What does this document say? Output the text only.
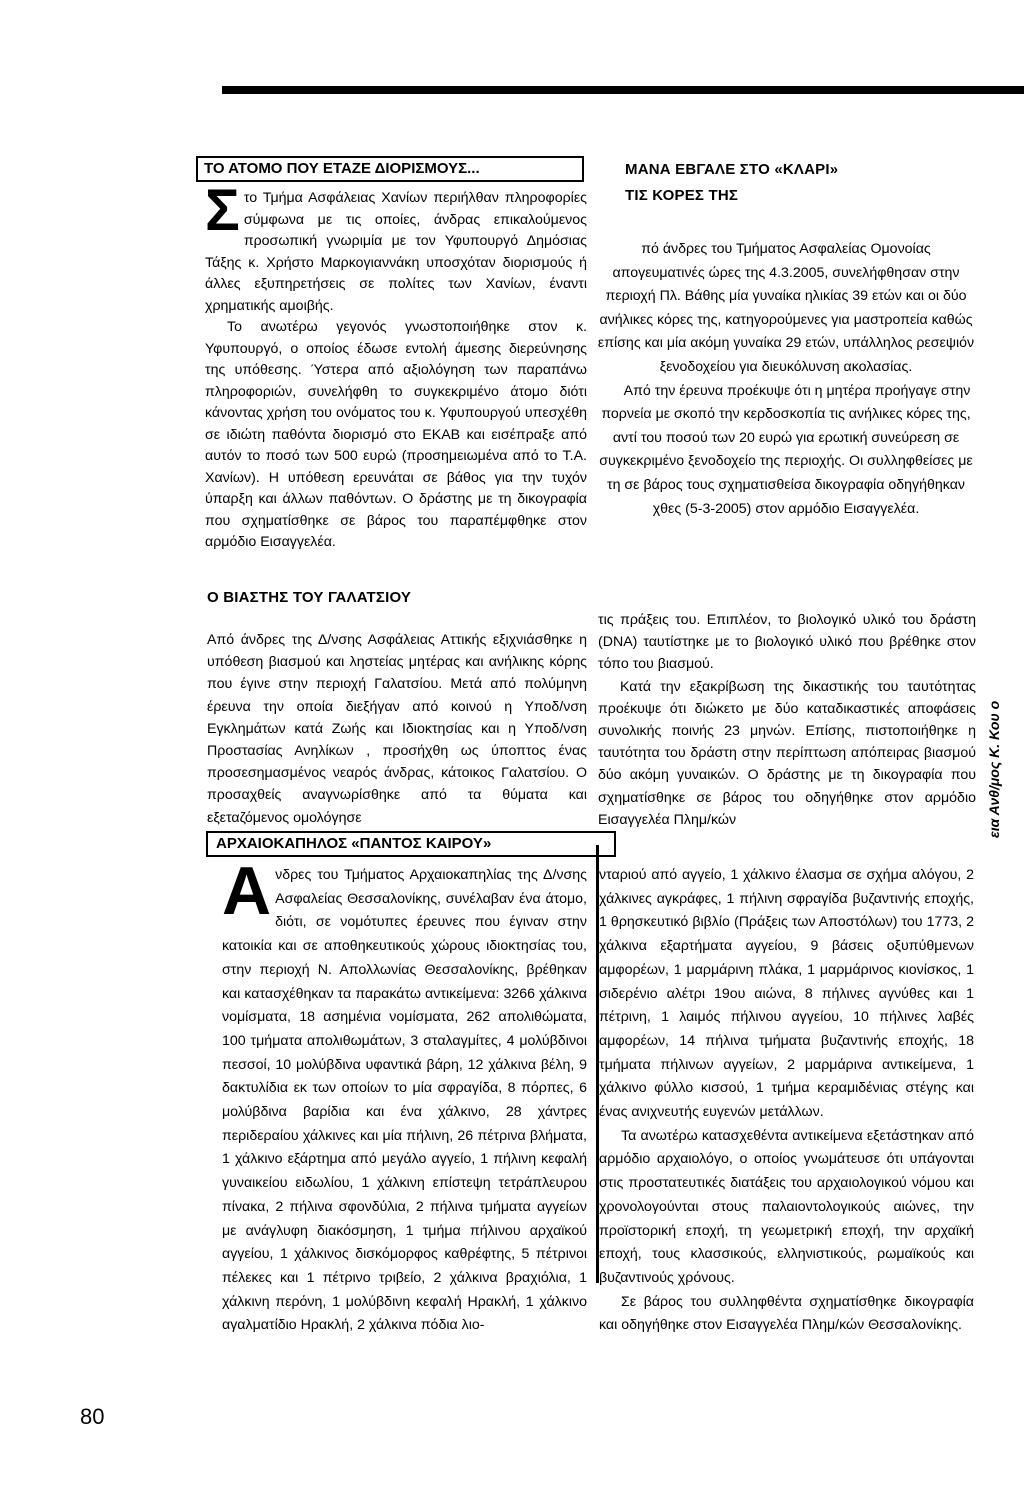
ΤΟ ΑΤΟΜΟ ΠΟΥ ΕΤΑΖΕ ΔΙΟΡΙΣΜΟΥΣ...

Στο Τμήμα Ασφάλειας Χανίων περιήλθαν πληροφορίες σύμφωνα με τις οποίες, άνδρας επικαλούμενος προσωπική γνωριμία με τον Υφυπουργό Δημόσιας Τάξης κ. Χρήστο Μαρκογιαννάκη υποσχόταν διορισμούς ή άλλες εξυπηρετήσεις σε πολίτες των Χανίων, έναντι χρηματικής αμοιβής.

Το ανωτέρω γεγονός γνωστοποιήθηκε στον κ. Υφυπουργό, ο οποίος έδωσε εντολή άμεσης διερεύνησης της υπόθεσης. Ύστερα από αξιολόγηση των παραπάνω πληροφοριών, συνελήφθη το συγκεκριμένο άτομο διότι κάνοντας χρήση του ονόματος του κ. Υφυπουργού υπεσχέθη σε ιδιώτη παθόντα διορισμό στο ΕΚΑΒ και εισέπραξε από αυτόν το ποσό των 500 ευρώ (προσημειωμένα από το Τ.Α. Χανίων). Η υπόθεση ερευνάται σε βάθος για την τυχόν ύπαρξη και άλλων παθόντων. Ο δράστης με τη δικογραφία που σχηματίσθηκε σε βάρος του παραπέμφθηκε στον αρμόδιο Εισαγγελέα.

ΜΑΝΑ ΕΒΓΑΛΕ ΣΤΟ «ΚΛΑΡΙ»
ΤΙΣ ΚΟΡΕΣ ΤΗΣ

πό άνδρες του Τμήματος Ασφαλείας Ομονοίας απογευματινές ώρες της 4.3.2005, συνελήφθησαν στην περιοχή Πλ. Βάθης μία γυναίκα ηλικίας 39 ετών και οι δύο ανήλικες κόρες της, κατηγορούμενες για μαστροπεία καθώς επίσης και μία ακόμη γυναίκα 29 ετών, υπάλληλος ρεσεψιόν ξενοδοχείου για διευκόλυνση ακολασίας.

Από την έρευνα προέκυψε ότι η μητέρα προήγαγε στην πορνεία με σκοπό την κερδοσκοπία τις ανήλικες κόρες της, αντί του ποσού των 20 ευρώ για ερωτική συνεύρεση σε συγκεκριμένο ξενοδοχείο της περιοχής. Οι συλληφθείσες με τη σε βάρος τους σχηματισθείσα δικογραφία οδηγήθηκαν χθες (5-3-2005) στον αρμόδιο Εισαγγελέα.

Ο ΒΙΑΣΤΗΣ ΤΟΥ ΓΑΛΑΤΣΙΟΥ

Από άνδρες της Δ/νσης Ασφάλειας Αττικής εξιχνιάσθηκε η υπόθεση βιασμού και ληστείας μητέρας και ανήλικης κόρης που έγινε στην περιοχή Γαλατσίου. Μετά από πολύμηνη έρευνα την οποία διεξήγαν από κοινού η Υποδ/νση Εγκλημάτων κατά Ζωής και Ιδιοκτησίας και η Υποδ/νση Προστασίας Ανηλίκων , προσήχθη ως ύποπτος ένας προσεσημασμένος νεαρός άνδρας, κάτοικος Γαλατσίου. Ο προσαχθείς αναγνωρίσθηκε από τα θύματα και εξεταζόμενος ομολόγησε

τις πράξεις του. Επιπλέον, το βιολογικό υλικό του δράστη (DNA) ταυτίστηκε με το βιολογικό υλικό που βρέθηκε στον τόπο του βιασμού.

Κατά την εξακρίβωση της δικαστικής του ταυτότητας προέκυψε ότι διώκετο με δύο καταδικαστικές αποφάσεις συνολικής ποινής 23 μηνών. Επίσης, πιστοποιήθηκε η ταυτότητα του δράστη στην περίπτωση απόπειρας βιασμού δύο ακόμη γυναικών. Ο δράστης με τη δικογραφία που σχηματίσθηκε σε βάρος του οδηγήθηκε στον αρμόδιο Εισαγγελέα Πλημ/κών

ΑΡΧΑΙΟΚΑΠΗΛΟΣ «ΠΑΝΤΟΣ ΚΑΙΡΟΥ»

Ανδρες του Τμήματος Αρχαιοκαπηλίας της Δ/νσης Ασφαλείας Θεσσαλονίκης, συνέλαβαν ένα άτομο, διότι, σε νομότυπες έρευνες που έγιναν στην κατοικία και σε αποθηκευτικούς χώρους ιδιοκτησίας του, στην περιοχή Ν. Απολλωνίας Θεσσαλονίκης, βρέθηκαν και κατασχέθηκαν τα παρακάτω αντικείμενα: 3266 χάλκινα νομίσματα, 18 ασημένια νομίσματα, 262 απολιθώματα, 100 τμήματα απολιθωμάτων, 3 σταλαγμίτες, 4 μολύβδινοι πεσσοί, 10 μολύβδινα υφαντικά βάρη, 12 χάλκινα βέλη, 9 δακτυλίδια εκ των οποίων το μία σφραγίδα, 8 πόρπες, 6 μολύβδινα βαρίδια και ένα χάλκινο, 28 χάντρες περιδεραίου χάλκινες και μία πήλινη, 26 πέτρινα βλήματα, 1 χάλκινο εξάρτημα από μεγάλο αγγείο, 1 πήλινη κεφαλή γυναικείου ειδωλίου, 1 χάλκινη επίστεψη τετράπλευρου πίνακα, 2 πήλινα σφονδύλια, 2 πήλινα τμήματα αγγείων με ανάγλυφη διακόσμηση, 1 τμήμα πήλινου αρχαϊκού αγγείου, 1 χάλκινος δισκόμορφος καθρέφτης, 5 πέτρινοι πέλεκες και 1 πέτρινο τριβείο, 2 χάλκινα βραχιόλια, 1 χάλκινη περόνη, 1 μολύβδινη κεφαλή Ηρακλή, 1 χάλκινο αγαλματίδιο Ηρακλή, 2 χάλκινα πόδια λιο-

νταριού από αγγείο, 1 χάλκινο έλασμα σε σχήμα αλόγου, 2 χάλκινες αγκράφες, 1 πήλινη σφραγίδα βυζαντινής εποχής, 1 θρησκευτικό βιβλίο (Πράξεις των Αποστόλων) του 1773, 2 χάλκινα εξαρτήματα αγγείου, 9 βάσεις οξυπύθμενων αμφορέων, 1 μαρμάρινη πλάκα, 1 μαρμάρινος κιονίσκος, 1 σιδερένιο αλέτρι 19ου αιώνα, 8 πήλινες αγνύθες και 1 πέτρινη, 1 λαιμός πήλινου αγγείου, 10 πήλινες λαβές αμφορέων, 14 πήλινα τμήματα βυζαντινής εποχής, 18 τμήματα πήλινων αγγείων, 2 μαρμάρινα αντικείμενα, 1 χάλκινο φύλλο κισσού, 1 τμήμα κεραμιδένιας στέγης και ένας ανιχνευτής ευγενών μετάλλων.

Τα ανωτέρω κατασχεθέντα αντικείμενα εξετάστηκαν από αρμόδιο αρχαιολόγο, ο οποίος γνωμάτευσε ότι υπάγονται στις προστατευτικές διατάξεις του αρχαιολογικού νόμου και χρονολογούνται στους παλαιοντολογικούς αιώνες, την προϊστορική εποχή, τη γεωμετρική εποχή, την αρχαϊκή εποχή, τους κλασσικούς, ελληνιστικούς, ρωμαϊκούς και βυζαντινούς χρόνους.

Σε βάρος του συλληφθέντα σχηματίσθηκε δικογραφία και οδηγήθηκε στον Εισαγγελέα Πλημ/κών Θεσσαλονίκης.

εια Ανθ/μος Κ. Κου ο
80
